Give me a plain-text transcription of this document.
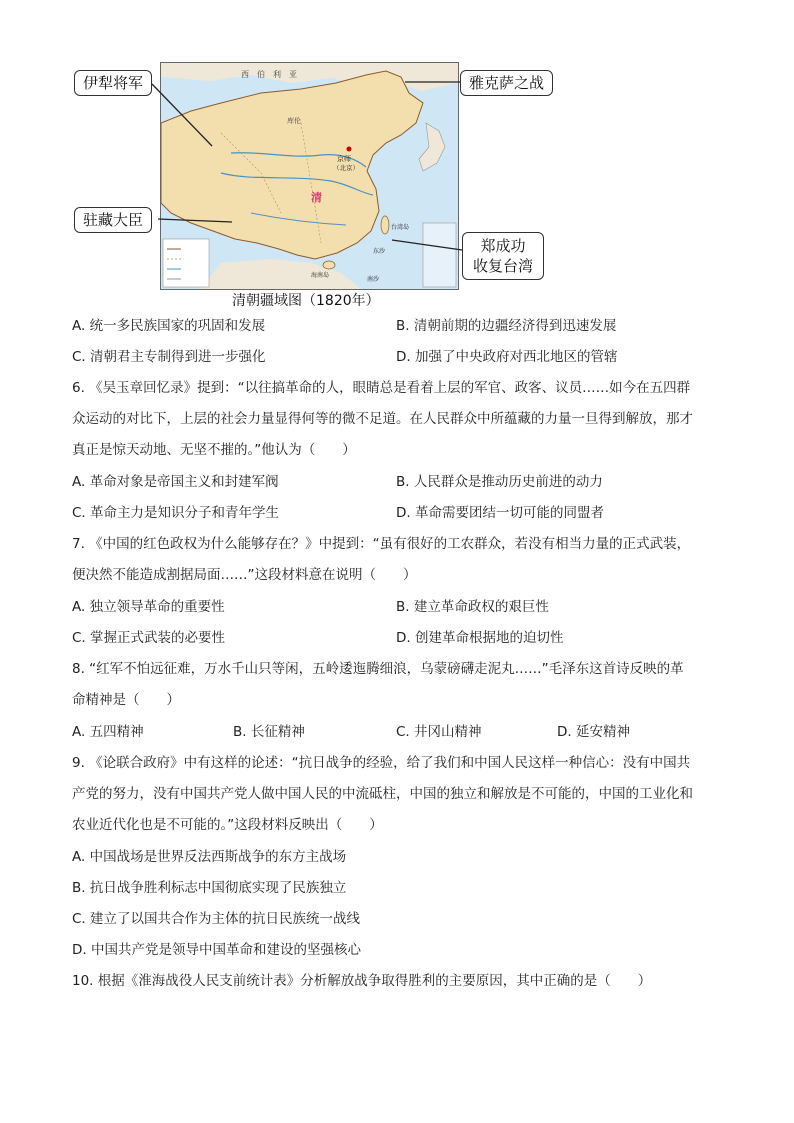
西　伯　利　亚
库伦
京师
（北京）
清
台湾岛
海南岛
东沙
南沙
伊犁将军	雅克萨之战
驻藏大臣
郑成功
收复台湾
清朝疆域图（1820年）
A. 统一多民族国家的巩固和发展	B. 清朝前期的边疆经济得到迅速发展
C. 清朝君主专制得到进一步强化	D. 加强了中央政府对西北地区的管辖
6. 《吴玉章回忆录》提到：“以往搞革命的人，眼睛总是看着上层的军官、政客、议员……如今在五四群
众运动的对比下，上层的社会力量显得何等的微不足道。在人民群众中所蕴藏的力量一旦得到解放，那才
真正是惊天动地、无坚不摧的。”他认为（　　）
A. 革命对象是帝国主义和封建军阀	B. 人民群众是推动历史前进的动力
C. 革命主力是知识分子和青年学生	D. 革命需要团结一切可能的同盟者
7. 《中国的红色政权为什么能够存在？》中提到：“虽有很好的工农群众，若没有相当力量的正式武装，
便决然不能造成割据局面……”这段材料意在说明（　　）
A. 独立领导革命的重要性	B. 建立革命政权的艰巨性
C. 掌握正式武装的必要性	D. 创建革命根据地的迫切性
8. “红军不怕远征难，万水千山只等闲，五岭逶迤腾细浪，乌蒙磅礴走泥丸……”毛泽东这首诗反映的革
命精神是（　　）
A. 五四精神	B. 长征精神	C. 井冈山精神	D. 延安精神
9. 《论联合政府》中有这样的论述：“抗日战争的经验，给了我们和中国人民这样一种信心：没有中国共
产党的努力，没有中国共产党人做中国人民的中流砥柱，中国的独立和解放是不可能的，中国的工业化和
农业近代化也是不可能的。”这段材料反映出（　　）
A. 中国战场是世界反法西斯战争的东方主战场
B. 抗日战争胜利标志中国彻底实现了民族独立
C. 建立了以国共合作为主体的抗日民族统一战线
D. 中国共产党是领导中国革命和建设的坚强核心
10. 根据《淮海战役人民支前统计表》分析解放战争取得胜利的主要原因，其中正确的是（　　）
